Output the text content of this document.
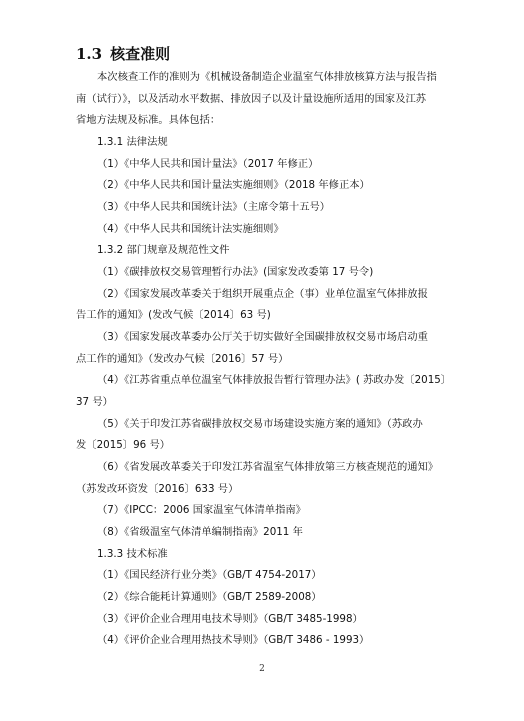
1.3 核查准则
本次核查工作的准则为《机械设备制造企业温室气体排放核算方法与报告指
南（试行）》，以及活动水平数据、排放因子以及计量设施所适用的国家及江苏
省地方法规及标准。具体包括：
1.3.1 法律法规
（1）《中华人民共和国计量法》（2017 年修正）
（2）《中华人民共和国计量法实施细则》（2018 年修正本）
（3）《中华人民共和国统计法》（主席令第十五号）
（4）《中华人民共和国统计法实施细则》
1.3.2 部门规章及规范性文件
（1）《碳排放权交易管理暂行办法》(国家发改委第 17 号令)
（2）《国家发展改革委关于组织开展重点企（事）业单位温室气体排放报
告工作的通知》(发改气候〔2014〕63 号)
（3）《国家发展改革委办公厅关于切实做好全国碳排放权交易市场启动重
点工作的通知》（发改办气候〔2016〕57 号）
（4）《江苏省重点单位温室气体排放报告暂行管理办法》( 苏政办发〔2015〕
37 号）
（5）《关于印发江苏省碳排放权交易市场建设实施方案的通知》（苏政办
发〔2015〕96 号）
（6）《省发展改革委关于印发江苏省温室气体排放第三方核查规范的通知》
（苏发改环资发〔2016〕633 号）
（7）《IPCC：2006 国家温室气体清单指南》
（8）《省级温室气体清单编制指南》2011 年
1.3.3 技术标准
（1）《国民经济行业分类》（GB/T 4754-2017）
（2）《综合能耗计算通则》（GB/T 2589-2008）
（3）《评价企业合理用电技术导则》（GB/T 3485-1998）
（4）《评价企业合理用热技术导则》（GB/T 3486 - 1993）
2
